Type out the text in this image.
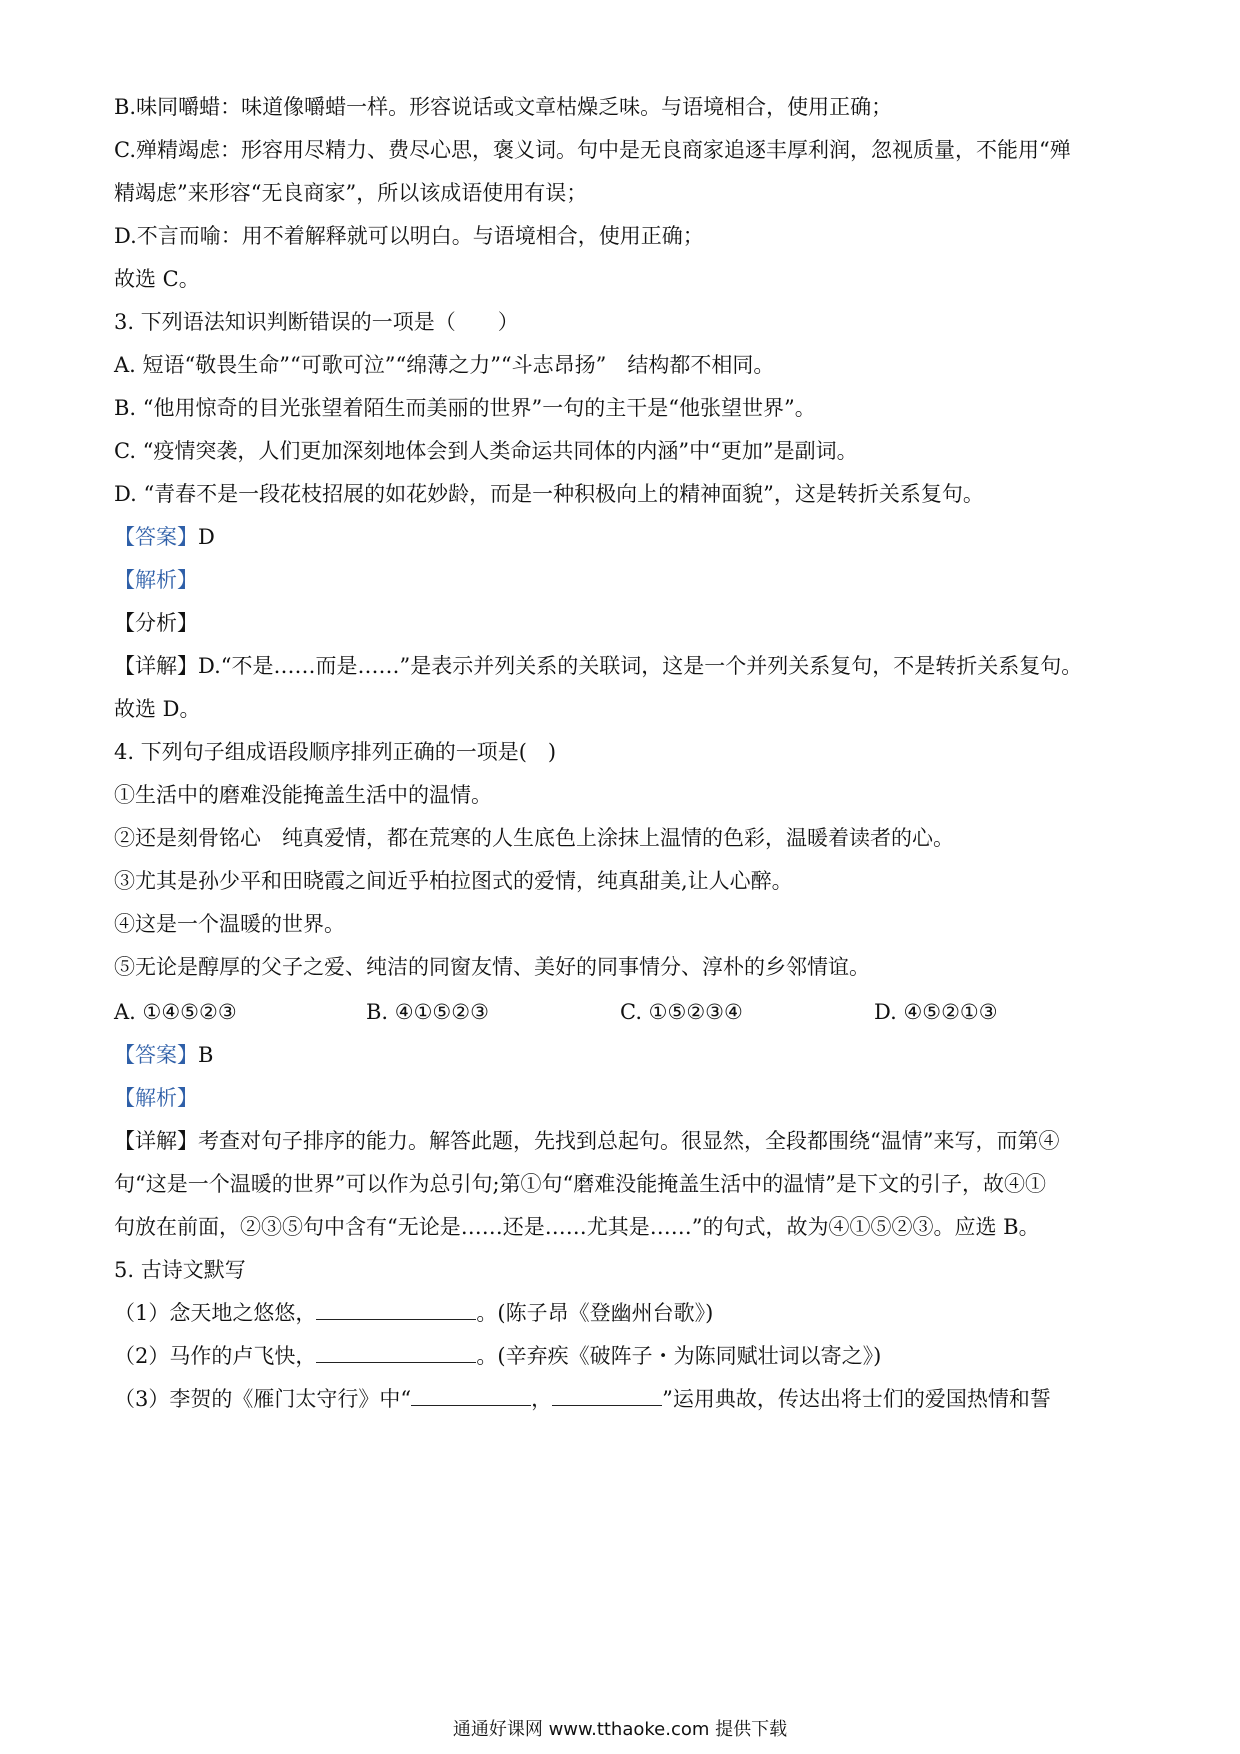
B.味同嚼蜡：味道像嚼蜡一样。形容说话或文章枯燥乏味。与语境相合，使用正确；
C.殚精竭虑：形容用尽精力、费尽心思，褒义词。句中是无良商家追逐丰厚利润，忽视质量，不能用“殚
精竭虑”来形容“无良商家”，所以该成语使用有误；
D.不言而喻：用不着解释就可以明白。与语境相合，使用正确；
故选 C。
3. 下列语法知识判断错误的一项是（　　）
A. 短语“敬畏生命”“可歌可泣”“绵薄之力”“斗志昂扬”　结构都不相同。
B. “他用惊奇的目光张望着陌生而美丽的世界”一句的主干是“他张望世界”。
C. “疫情突袭，人们更加深刻地体会到人类命运共同体的内涵”中“更加”是副词。
D. “青春不是一段花枝招展的如花妙龄，而是一种积极向上的精神面貌”，这是转折关系复句。
【答案】D
【解析】
【分析】
【详解】D.“不是……而是……”是表示并列关系的关联词，这是一个并列关系复句，不是转折关系复句。
故选 D。
4. 下列句子组成语段顺序排列正确的一项是(　)
①生活中的磨难没能掩盖生活中的温情。
②还是刻骨铭心　纯真爱情，都在荒寒的人生底色上涂抹上温情的色彩，温暖着读者的心。
③尤其是孙少平和田晓霞之间近乎柏拉图式的爱情，纯真甜美,让人心醉。
④这是一个温暖的世界。
⑤无论是醇厚的父子之爱、纯洁的同窗友情、美好的同事情分、淳朴的乡邻情谊。
A. ①④⑤②③	B. ④①⑤②③	C. ①⑤②③④	D. ④⑤②①③
【答案】B
【解析】
【详解】考查对句子排序的能力。解答此题，先找到总起句。很显然，全段都围绕“温情”来写，而第④
句“这是一个温暖的世界”可以作为总引句;第①句“磨难没能掩盖生活中的温情”是下文的引子，故④①
句放在前面，②③⑤句中含有“无论是……还是……尤其是……”的句式，故为④①⑤②③。应选 B。
5. 古诗文默写
（1）念天地之悠悠，	。(陈子昂《登幽州台歌》)
（2）马作的卢飞快，	。(辛弃疾《破阵子・为陈同赋壮词以寄之》)
（3）李贺的《雁门太守行》中“	，	”运用典故，传达出将士们的爱国热情和誓
通通好课网 www.tthaoke.com 提供下载
